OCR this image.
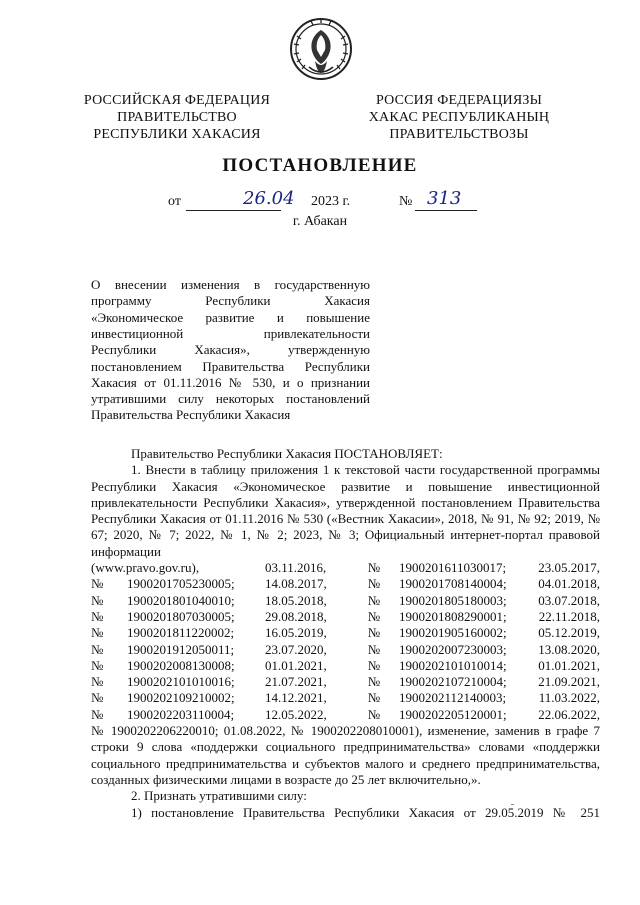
РОССИЙСКАЯ ФЕДЕРАЦИЯ
ПРАВИТЕЛЬСТВО
РЕСПУБЛИКИ ХАКАСИЯ
РОССИЯ ФЕДЕРАЦИЯЗЫ
ХАКАС РЕСПУБЛИКАНЫҢ
ПРАВИТЕЛЬСТВОЗЫ
ПОСТАНОВЛЕНИЕ
от	26.04 2023 г.	№ 313
г. Абакан
О внесении изменения в государственную
программу Республики Хакасия
«Экономическое развитие и повышение
инвестиционной привлекательности
Республики Хакасия», утвержденную
постановлением Правительства Республики
Хакасия от 01.11.2016 № 530, и о признании
утратившими силу некоторых постановлений
Правительства Республики Хакасия
Правительство Республики Хакасия ПОСТАНОВЛЯЕТ:
1. Внести в таблицу приложения 1 к текстовой части государственной программы Республики Хакасия «Экономическое развитие и повышение инвестиционной привлекательности Республики Хакасия», утвержденной постановлением Правительства Республики Хакасия от 01.11.2016 № 530 («Вестник Хакасии», 2018, № 91, № 92; 2019, № 67; 2020, № 7; 2022, № 1, № 2; 2023, № 3; Официальный интернет-портал правовой информации
(www.pravo.gov.ru),		03.11.2016,	№	1900201611030017;	23.05.2017,
№	1900201705230005;	14.08.2017,	№	1900201708140004;	04.01.2018,
№	1900201801040010;	18.05.2018,	№	1900201805180003;	03.07.2018,
№	1900201807030005;	29.08.2018,	№	1900201808290001;	22.11.2018,
№	1900201811220002;	16.05.2019,	№	1900201905160002;	05.12.2019,
№	1900201912050011;	23.07.2020,	№	1900202007230003;	13.08.2020,
№	1900202008130008;	01.01.2021,	№	1900202101010014;	01.01.2021,
№	1900202101010016;	21.07.2021,	№	1900202107210004;	21.09.2021,
№	1900202109210002;	14.12.2021,	№	1900202112140003;	11.03.2022,
№	1900202203110004;	12.05.2022,	№	1900202205120001;	22.06.2022,
№ 1900202206220010; 01.08.2022, № 1900202208010001), изменение, заменив в графе 7 строки 9 слова «поддержки социального предпринимательства» словами «поддержки социального предпринимательства и субъектов малого и среднего предпринимательства, созданных физическими лицами в возрасте до 25 лет включительно,».
2. Признать утратившими силу:
1) постановление Правительства Республики Хакасия от 29.05.2019 № 251
